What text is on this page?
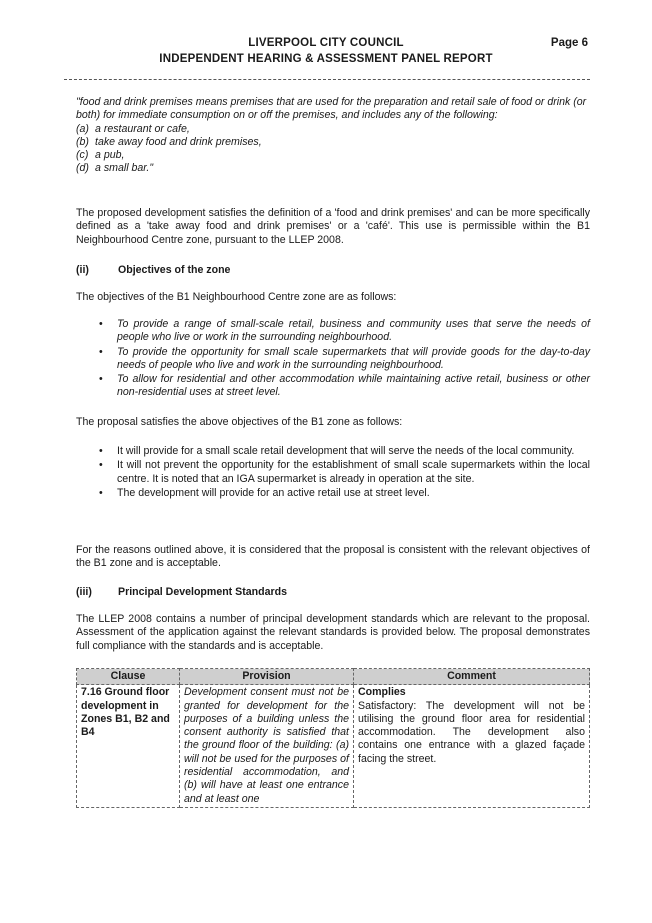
LIVERPOOL CITY COUNCIL
INDEPENDENT HEARING & ASSESSMENT PANEL REPORT
Page 6
"food and drink premises means premises that are used for the preparation and retail sale of food or drink (or both) for immediate consumption on or off the premises, and includes any of the following:
(a) a restaurant or cafe,
(b) take away food and drink premises,
(c) a pub,
(d) a small bar."
The proposed development satisfies the definition of a 'food and drink premises' and can be more specifically defined as a 'take away food and drink premises' or a 'café'. This use is permissible within the B1 Neighbourhood Centre zone, pursuant to the LLEP 2008.
(ii)	Objectives of the zone
The objectives of the B1 Neighbourhood Centre zone are as follows:
• To provide a range of small-scale retail, business and community uses that serve the needs of people who live or work in the surrounding neighbourhood.
• To provide the opportunity for small scale supermarkets that will provide goods for the day-to-day needs of people who live and work in the surrounding neighbourhood.
• To allow for residential and other accommodation while maintaining active retail, business or other non-residential uses at street level.
The proposal satisfies the above objectives of the B1 zone as follows:
• It will provide for a small scale retail development that will serve the needs of the local community.
• It will not prevent the opportunity for the establishment of small scale supermarkets within the local centre. It is noted that an IGA supermarket is already in operation at the site.
• The development will provide for an active retail use at street level.
For the reasons outlined above, it is considered that the proposal is consistent with the relevant objectives of the B1 zone and is acceptable.
(iii) Principal Development Standards
The LLEP 2008 contains a number of principal development standards which are relevant to the proposal. Assessment of the application against the relevant standards is provided below. The proposal demonstrates full compliance with the standards and is acceptable.
Clause	Provision	Comment
7.16 Ground floor development in Zones B1, B2 and B4	Development consent must not be granted for development for the purposes of a building unless the consent authority is satisfied that the ground floor of the building: (a) will not be used for the purposes of residential accommodation, and (b) will have at least one entrance and at least one	Complies
Satisfactory: The development will not be utilising the ground floor area for residential accommodation. The development also contains one entrance with a glazed façade facing the street.
